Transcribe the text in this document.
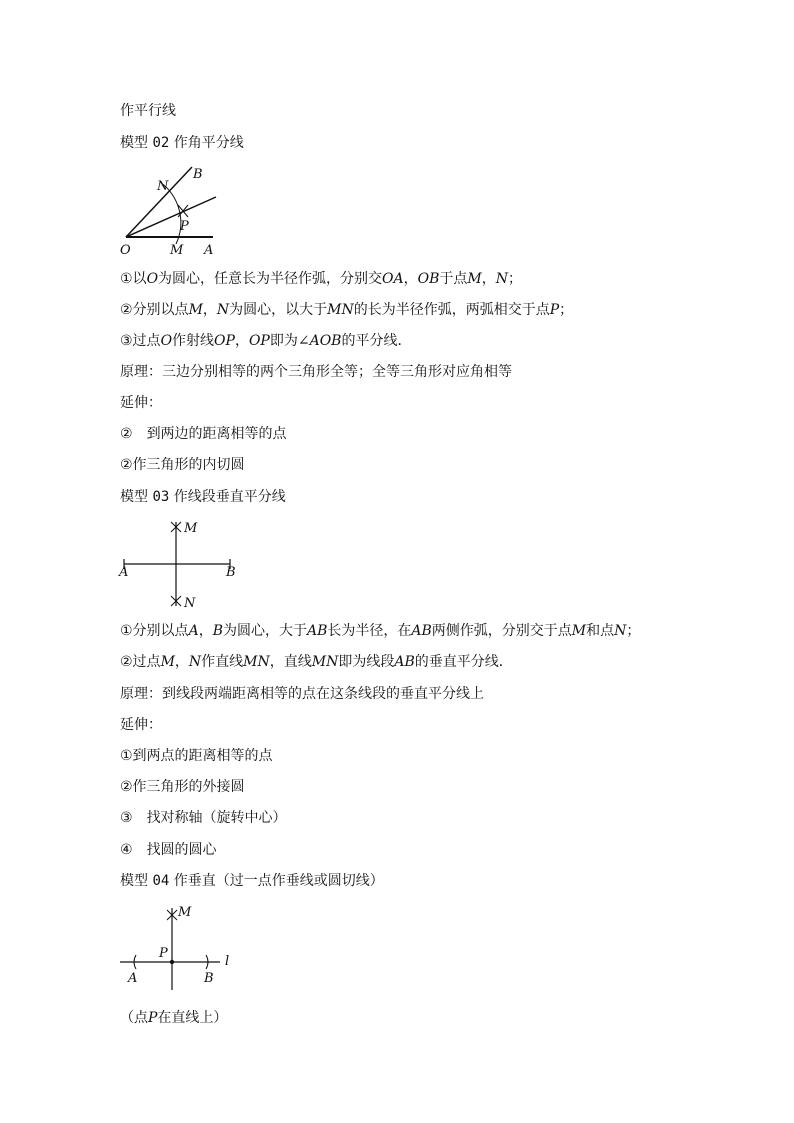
作平行线
模型 02 作角平分线
O	M A
N
B
P
①以O为圆心，任意长为半径作弧，分别交OA，OB于点M，N；
②分别以点M，N为圆心，以大于MN的长为半径作弧，两弧相交于点P；
③过点O作射线OP，OP即为∠AOB的平分线．
原理：三边分别相等的两个三角形全等；全等三角形对应角相等
延伸：
② 到两边的距离相等的点
②作三角形的内切圆
模型 03 作线段垂直平分线
M
A	B
N
①分别以点A，B为圆心，大于AB长为半径，在AB两侧作弧，分别交于点M和点N；
②过点M，N作直线MN，直线MN即为线段AB的垂直平分线．
原理：到线段两端距离相等的点在这条线段的垂直平分线上
延伸：
①到两点的距离相等的点
②作三角形的外接圆
③ 找对称轴（旋转中心）
④ 找圆的圆心
模型 04 作垂直（过一点作垂线或圆切线）
M
P
A	B
l
（点P在直线上）
